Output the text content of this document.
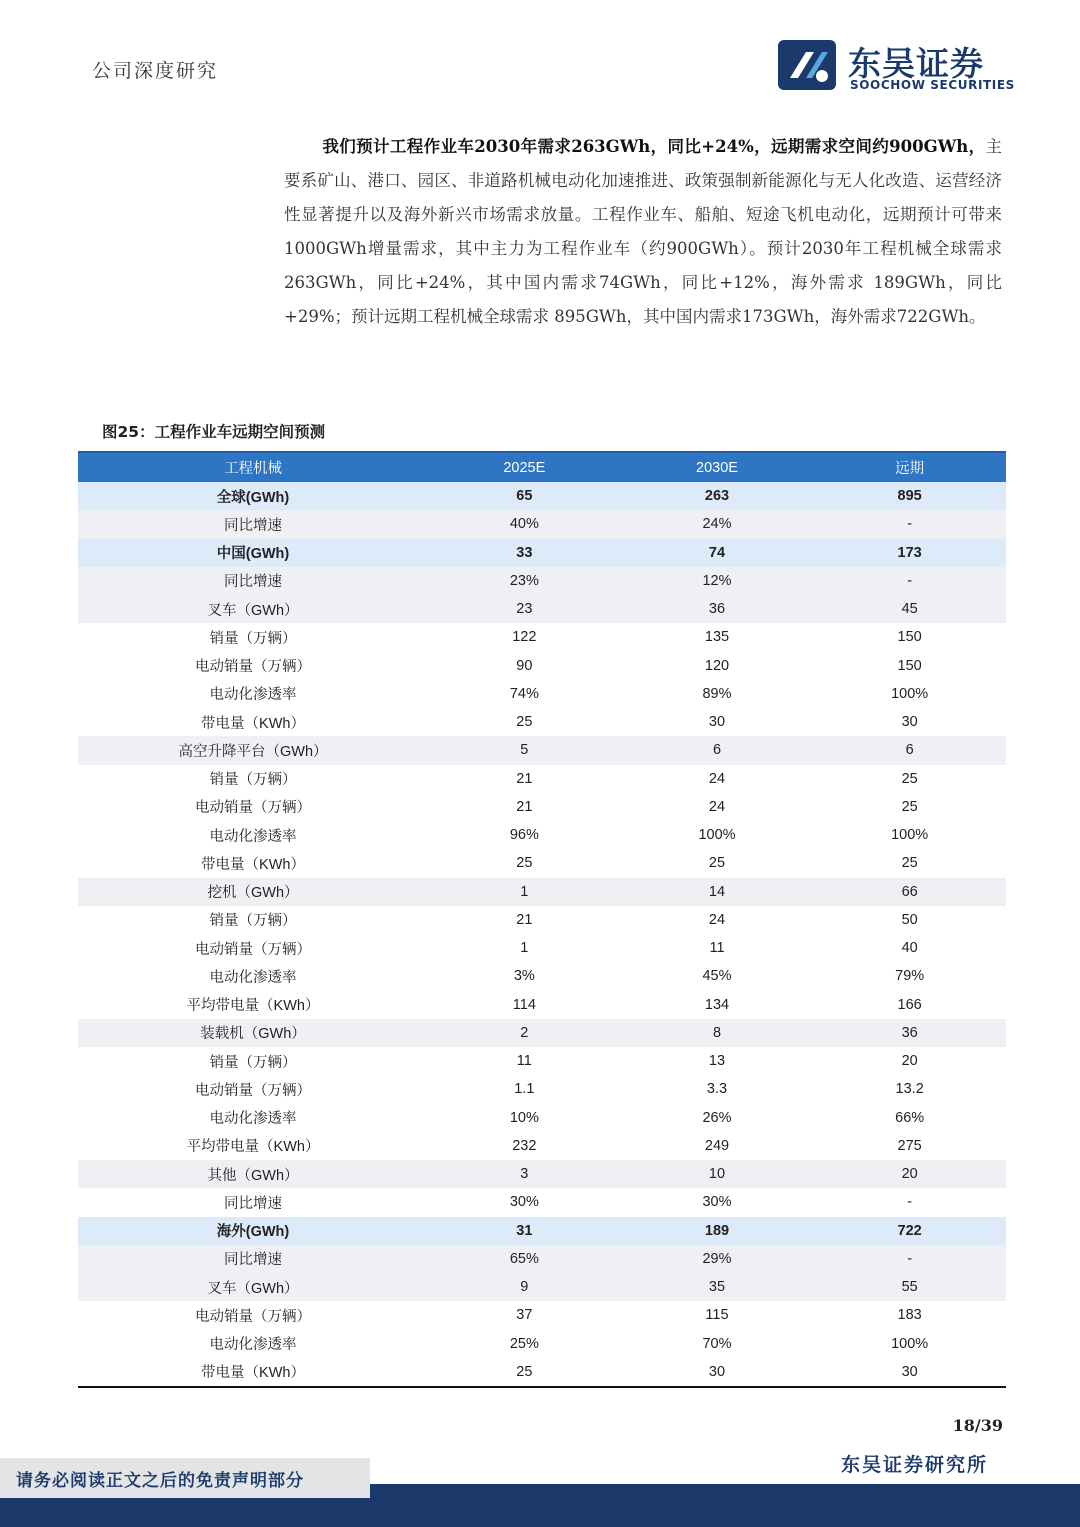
公司深度研究	东吴证券
SOOCHOW SECURITIES

我们预计工程作业车2030年需求263GWh，同比+24%，远期需求空间约900GWh，主要系矿山、港口、园区、非道路机械电动化加速推进、政策强制新能源化与无人化改造、运营经济性显著提升以及海外新兴市场需求放量。工程作业车、船舶、短途飞机电动化，远期预计可带来1000GWh增量需求，其中主力为工程作业车（约900GWh）。预计2030年工程机械全球需求263GWh，同比+24%，其中国内需求74GWh，同比+12%，海外需求 189GWh，同比+29%；预计远期工程机械全球需求 895GWh，其中国内需求173GWh，海外需求722GWh。

图25：工程作业车远期空间预测
工程机械	2025E	2030E	远期
全球(GWh)	65	263	895
同比增速	40%	24%	-
中国(GWh)	33	74	173
同比增速	23%	12%	-
叉车（GWh）	23	36	45
销量（万辆）	122	135	150
电动销量（万辆）	90	120	150
电动化渗透率	74%	89%	100%
带电量（KWh）	25	30	30
高空升降平台（GWh）	5	6	6
销量（万辆）	21	24	25
电动销量（万辆）	21	24	25
电动化渗透率	96%	100%	100%
带电量（KWh）	25	25	25
挖机（GWh）	1	14	66
销量（万辆）	21	24	50
电动销量（万辆）	1	11	40
电动化渗透率	3%	45%	79%
平均带电量（KWh）	114	134	166
装载机（GWh）	2	8	36
销量（万辆）	11	13	20
电动销量（万辆）	1.1	3.3	13.2
电动化渗透率	10%	26%	66%
平均带电量（KWh）	232	249	275
其他（GWh）	3	10	20
同比增速	30%	30%	-
海外(GWh)	31	189	722
同比增速	65%	29%	-
叉车（GWh）	9	35	55
电动销量（万辆）	37	115	183
电动化渗透率	25%	70%	100%
带电量（KWh）	25	30	30
18/39
请务必阅读正文之后的免责声明部分
东吴证券研究所
